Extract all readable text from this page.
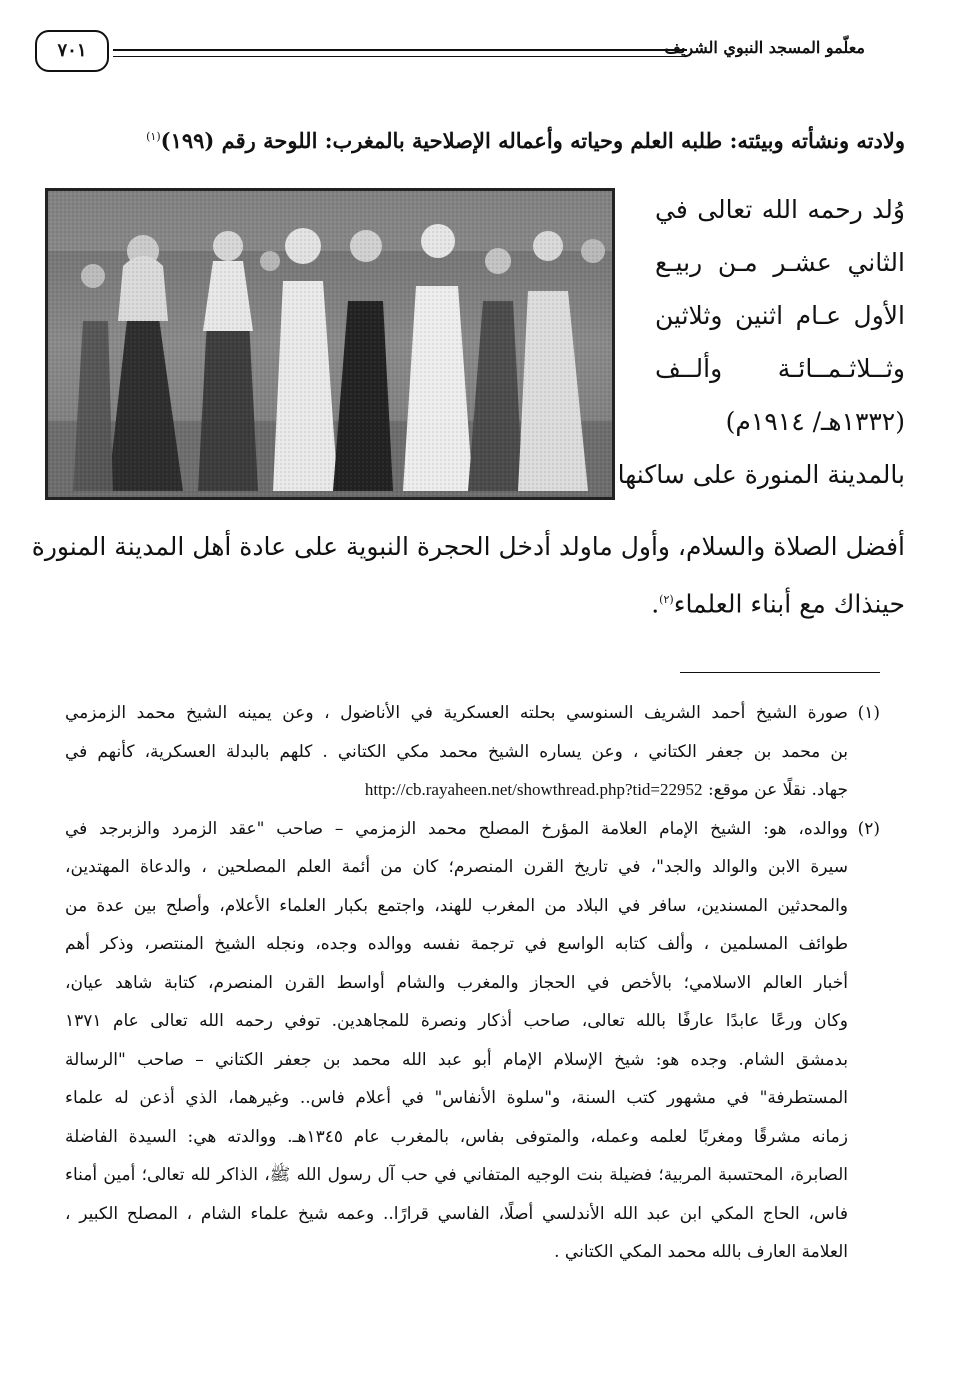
معلّمو المسجد النبوي الشريف
٧٠١
ولادته ونشأته وبيئته: طلبه العلم وحياته وأعماله الإصلاحية بالمغرب: اللوحة رقم (١٩٩)$^{(١)}$
وُلد رحمه الله تعالى في
الثاني عشـر مـن ربيـع
الأول عـام اثنين وثلاثين
وثــلاثـمــائـة وألــف
(١٣٣٢هـ/ ١٩١٤م)
بالمدينة المنورة على ساكنها
أفضل الصلاة والسلام، وأول ماولد أدخل الحجرة النبوية على عادة أهل المدينة المنورة
حينذاك مع أبناء العلماء$^{(٢)}$.
(١)
صورة الشيخ أحمد الشريف السنوسي بحلته العسكرية في الأناضول ، وعن يمينه الشيخ محمد الزمزمي
بن محمد بن جعفر الكتاني ، وعن يساره الشيخ محمد مكي الكتاني . كلهم بالبدلة العسكرية، كأنهم في
جهاد. نقلًا عن موقع: http://cb.rayaheen.net/showthread.php?tid=22952
(٢)
ووالده، هو: الشيخ الإمام العلامة المؤرخ المصلح محمد الزمزمي – صاحب "عقد الزمرد والزبرجد في
سيرة الابن والوالد والجد"، في تاريخ القرن المنصرم؛ كان من أئمة العلم المصلحين ، والدعاة المهتدين،
والمحدثين المسندين، سافر في البلاد من المغرب للهند، واجتمع بكبار العلماء الأعلام، وأصلح بين عدة من
طوائف المسلمين ، وألف كتابه الواسع في ترجمة نفسه ووالده وجده، ونجله الشيخ المنتصر، وذكر أهم
أخبار العالم الاسلامي؛ بالأخص في الحجاز والمغرب والشام أواسط القرن المنصرم، كتابة شاهد عيان،
وكان ورعًا عابدًا عارفًا بالله تعالى، صاحب أذكار ونصرة للمجاهدين. توفي رحمه الله تعالى عام ١٣٧١
بدمشق الشام. وجده هو: شيخ الإسلام الإمام أبو عبد الله محمد بن جعفر الكتاني – صاحب "الرسالة
المستطرفة" في مشهور كتب السنة، و"سلوة الأنفاس" في أعلام فاس.. وغيرهما، الذي أذعن له علماء
زمانه مشرقًا ومغربًا لعلمه وعمله، والمتوفى بفاس، بالمغرب عام ١٣٤٥هـ. ووالدته هي: السيدة الفاضلة
الصابرة، المحتسبة المربية؛ فضيلة بنت الوجيه المتفاني في حب آل رسول الله ﷺ، الذاكر لله تعالى؛ أمين أمناء
فاس، الحاج المكي ابن عبد الله الأندلسي أصلًا، الفاسي قرارًا.. وعمه شيخ علماء الشام ، المصلح الكبير ،
العلامة العارف بالله محمد المكي الكتاني .
